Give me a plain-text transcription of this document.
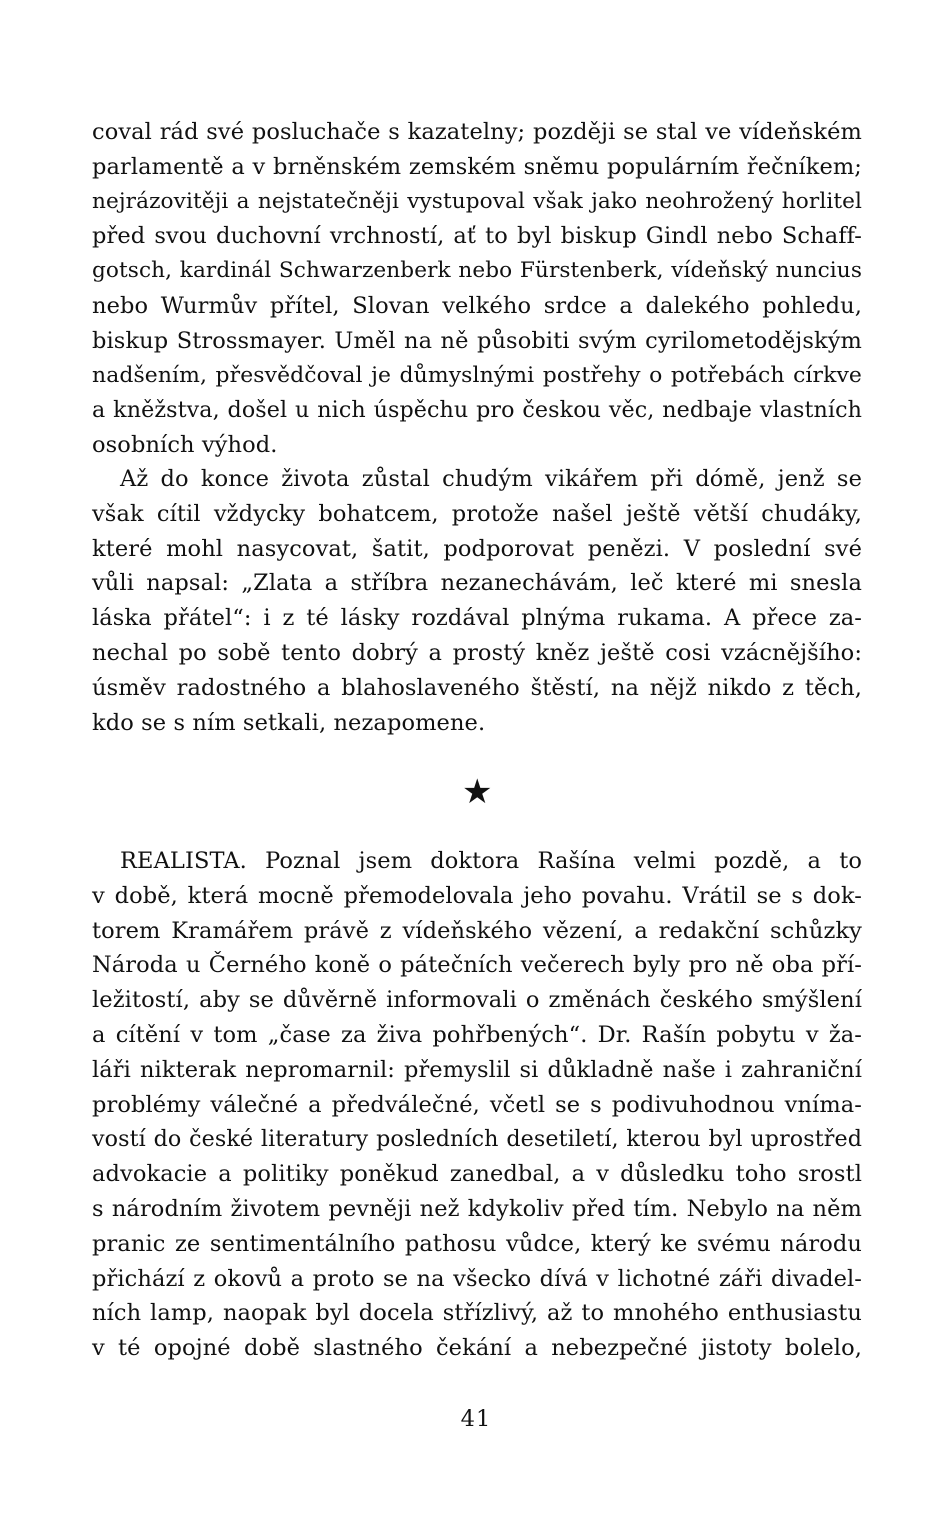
coval rád své posluchače s kazatelny; později se stal ve vídeňském
parlamentě a v brněnském zemském sněmu populárním řečníkem;
nejrázovitěji a nejstatečněji vystupoval však jako neohrožený horlitel
před svou duchovní vrchností, ať to byl biskup Gindl nebo Schaff-
gotsch, kardinál Schwarzenberk nebo Fürstenberk, vídeňský nuncius
nebo Wurmův přítel, Slovan velkého srdce a dalekého pohledu,
biskup Strossmayer. Uměl na ně působiti svým cyrilometodějským
nadšením, přesvědčoval je důmyslnými postřehy o potřebách církve
a kněžstva, došel u nich úspěchu pro českou věc, nedbaje vlastních
osobních výhod.
Až do konce života zůstal chudým vikářem při dómě, jenž se
však cítil vždycky bohatcem, protože našel ještě větší chudáky,
které mohl nasycovat, šatit, podporovat penězi. V poslední své
vůli napsal: „Zlata a stříbra nezanechávám, leč které mi snesla
láska přátel“: i z té lásky rozdával plnýma rukama. A přece za-
nechal po sobě tento dobrý a prostý kněz ještě cosi vzácnějšího:
úsměv radostného a blahoslaveného štěstí, na nějž nikdo z těch,
kdo se s ním setkali, nezapomene.
★
REALISTA. Poznal jsem doktora Rašína velmi pozdě, a to
v době, která mocně přemodelovala jeho povahu. Vrátil se s dok-
torem Kramářem právě z vídeňského vězení, a redakční schůzky
Národa u Černého koně o pátečních večerech byly pro ně oba pří-
ležitostí, aby se důvěrně informovali o změnách českého smýšlení
a cítění v tom „čase za živa pohřbených“. Dr. Rašín pobytu v ža-
láři nikterak nepromarnil: přemyslil si důkladně naše i zahraniční
problémy válečné a předválečné, včetl se s podivuhodnou vníma-
vostí do české literatury posledních desetiletí, kterou byl uprostřed
advokacie a politiky poněkud zanedbal, a v důsledku toho srostl
s národním životem pevněji než kdykoliv před tím. Nebylo na něm
pranic ze sentimentálního pathosu vůdce, který ke svému národu
přichází z okovů a proto se na všecko dívá v lichotné záři divadel-
ních lamp, naopak byl docela střízlivý, až to mnohého enthusiastu
v té opojné době slastného čekání a nebezpečné jistoty bolelo,
41
